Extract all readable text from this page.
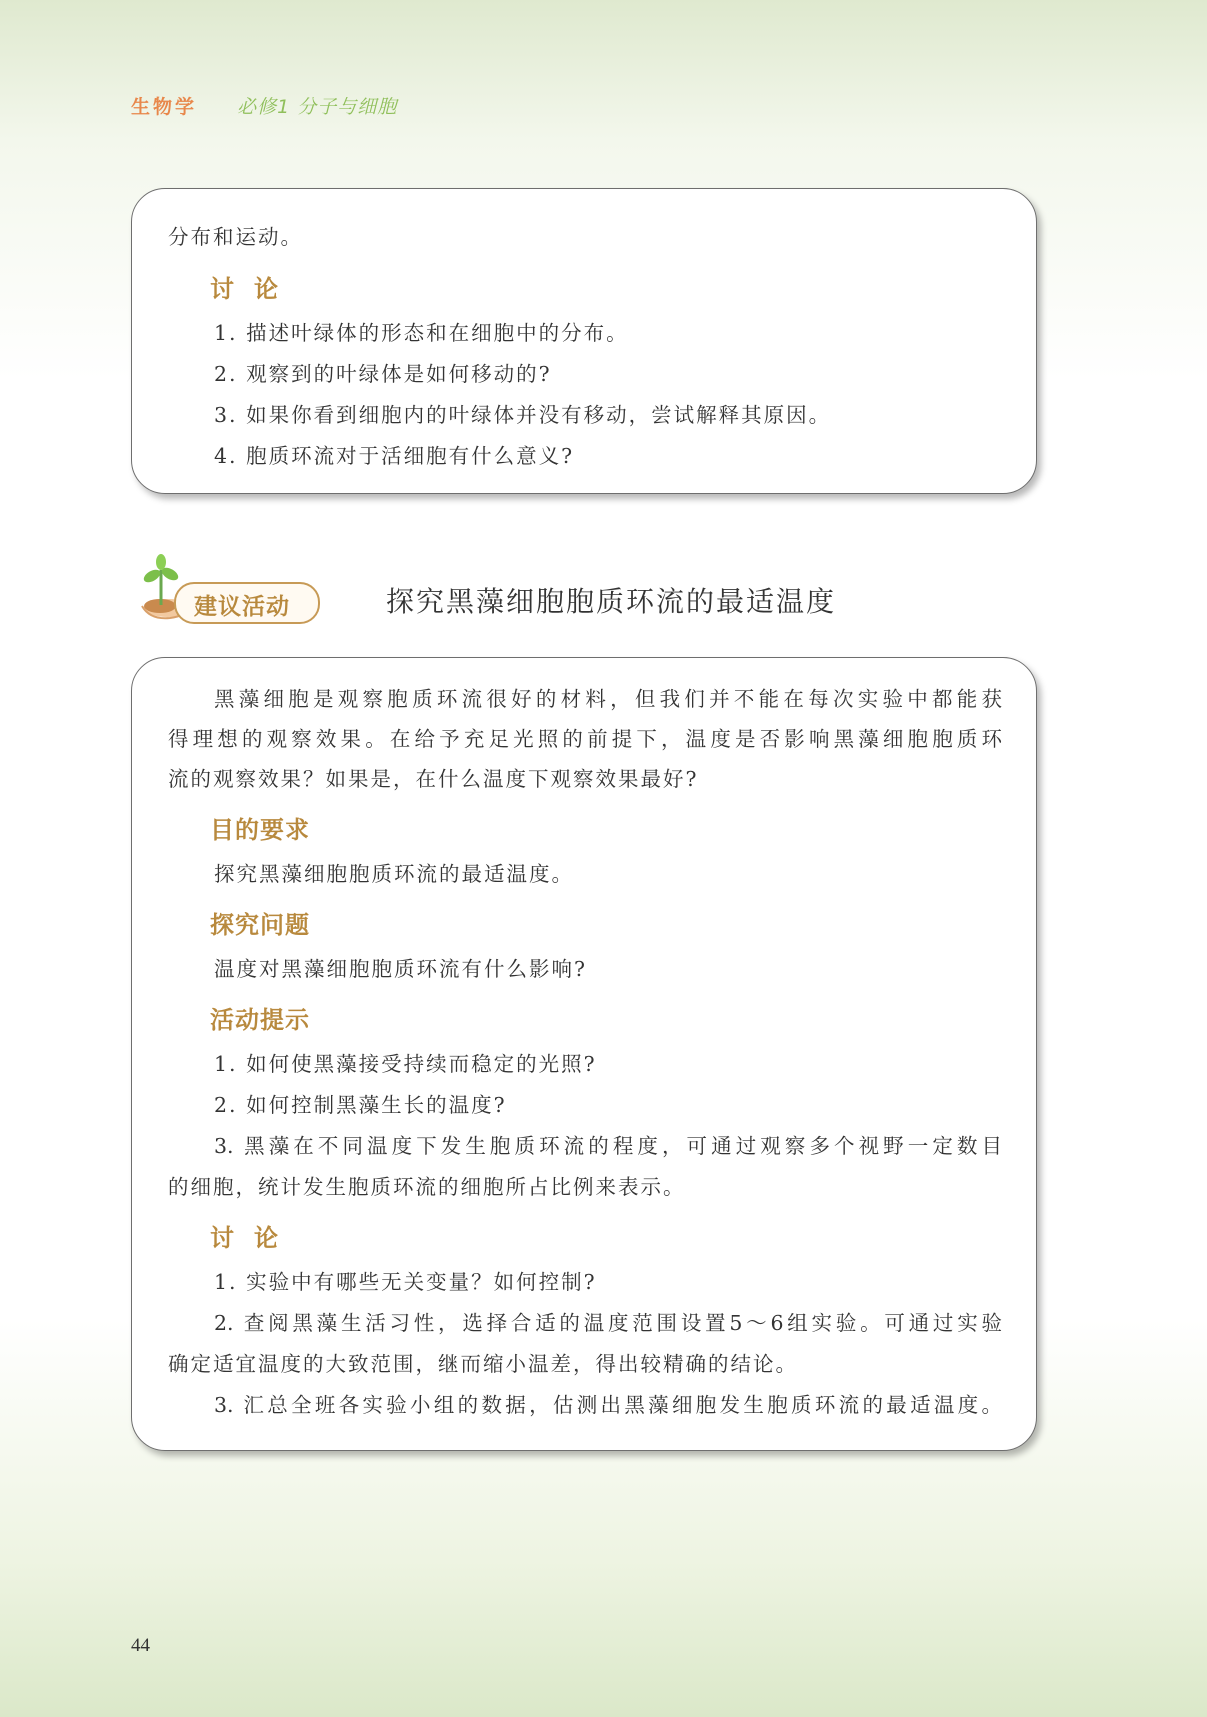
生物学 必修1 分子与细胞
分布和运动。
讨论
1. 描述叶绿体的形态和在细胞中的分布。
2. 观察到的叶绿体是如何移动的?
3. 如果你看到细胞内的叶绿体并没有移动，尝试解释其原因。
4. 胞质环流对于活细胞有什么意义?
建议活动	探究黑藻细胞胞质环流的最适温度
黑藻细胞是观察胞质环流很好的材料，但我们并不能在每次实验中都能获
得理想的观察效果。在给予充足光照的前提下，温度是否影响黑藻细胞胞质环
流的观察效果？如果是，在什么温度下观察效果最好?
目的要求
探究黑藻细胞胞质环流的最适温度。
探究问题
温度对黑藻细胞胞质环流有什么影响?
活动提示
1. 如何使黑藻接受持续而稳定的光照?
2. 如何控制黑藻生长的温度?
3. 黑藻在不同温度下发生胞质环流的程度，可通过观察多个视野一定数目
的细胞，统计发生胞质环流的细胞所占比例来表示。
讨论
1. 实验中有哪些无关变量？如何控制?
2. 查阅黑藻生活习性，选择合适的温度范围设置5～6组实验。可通过实验
确定适宜温度的大致范围，继而缩小温差，得出较精确的结论。
3. 汇总全班各实验小组的数据，估测出黑藻细胞发生胞质环流的最适温度。
44
